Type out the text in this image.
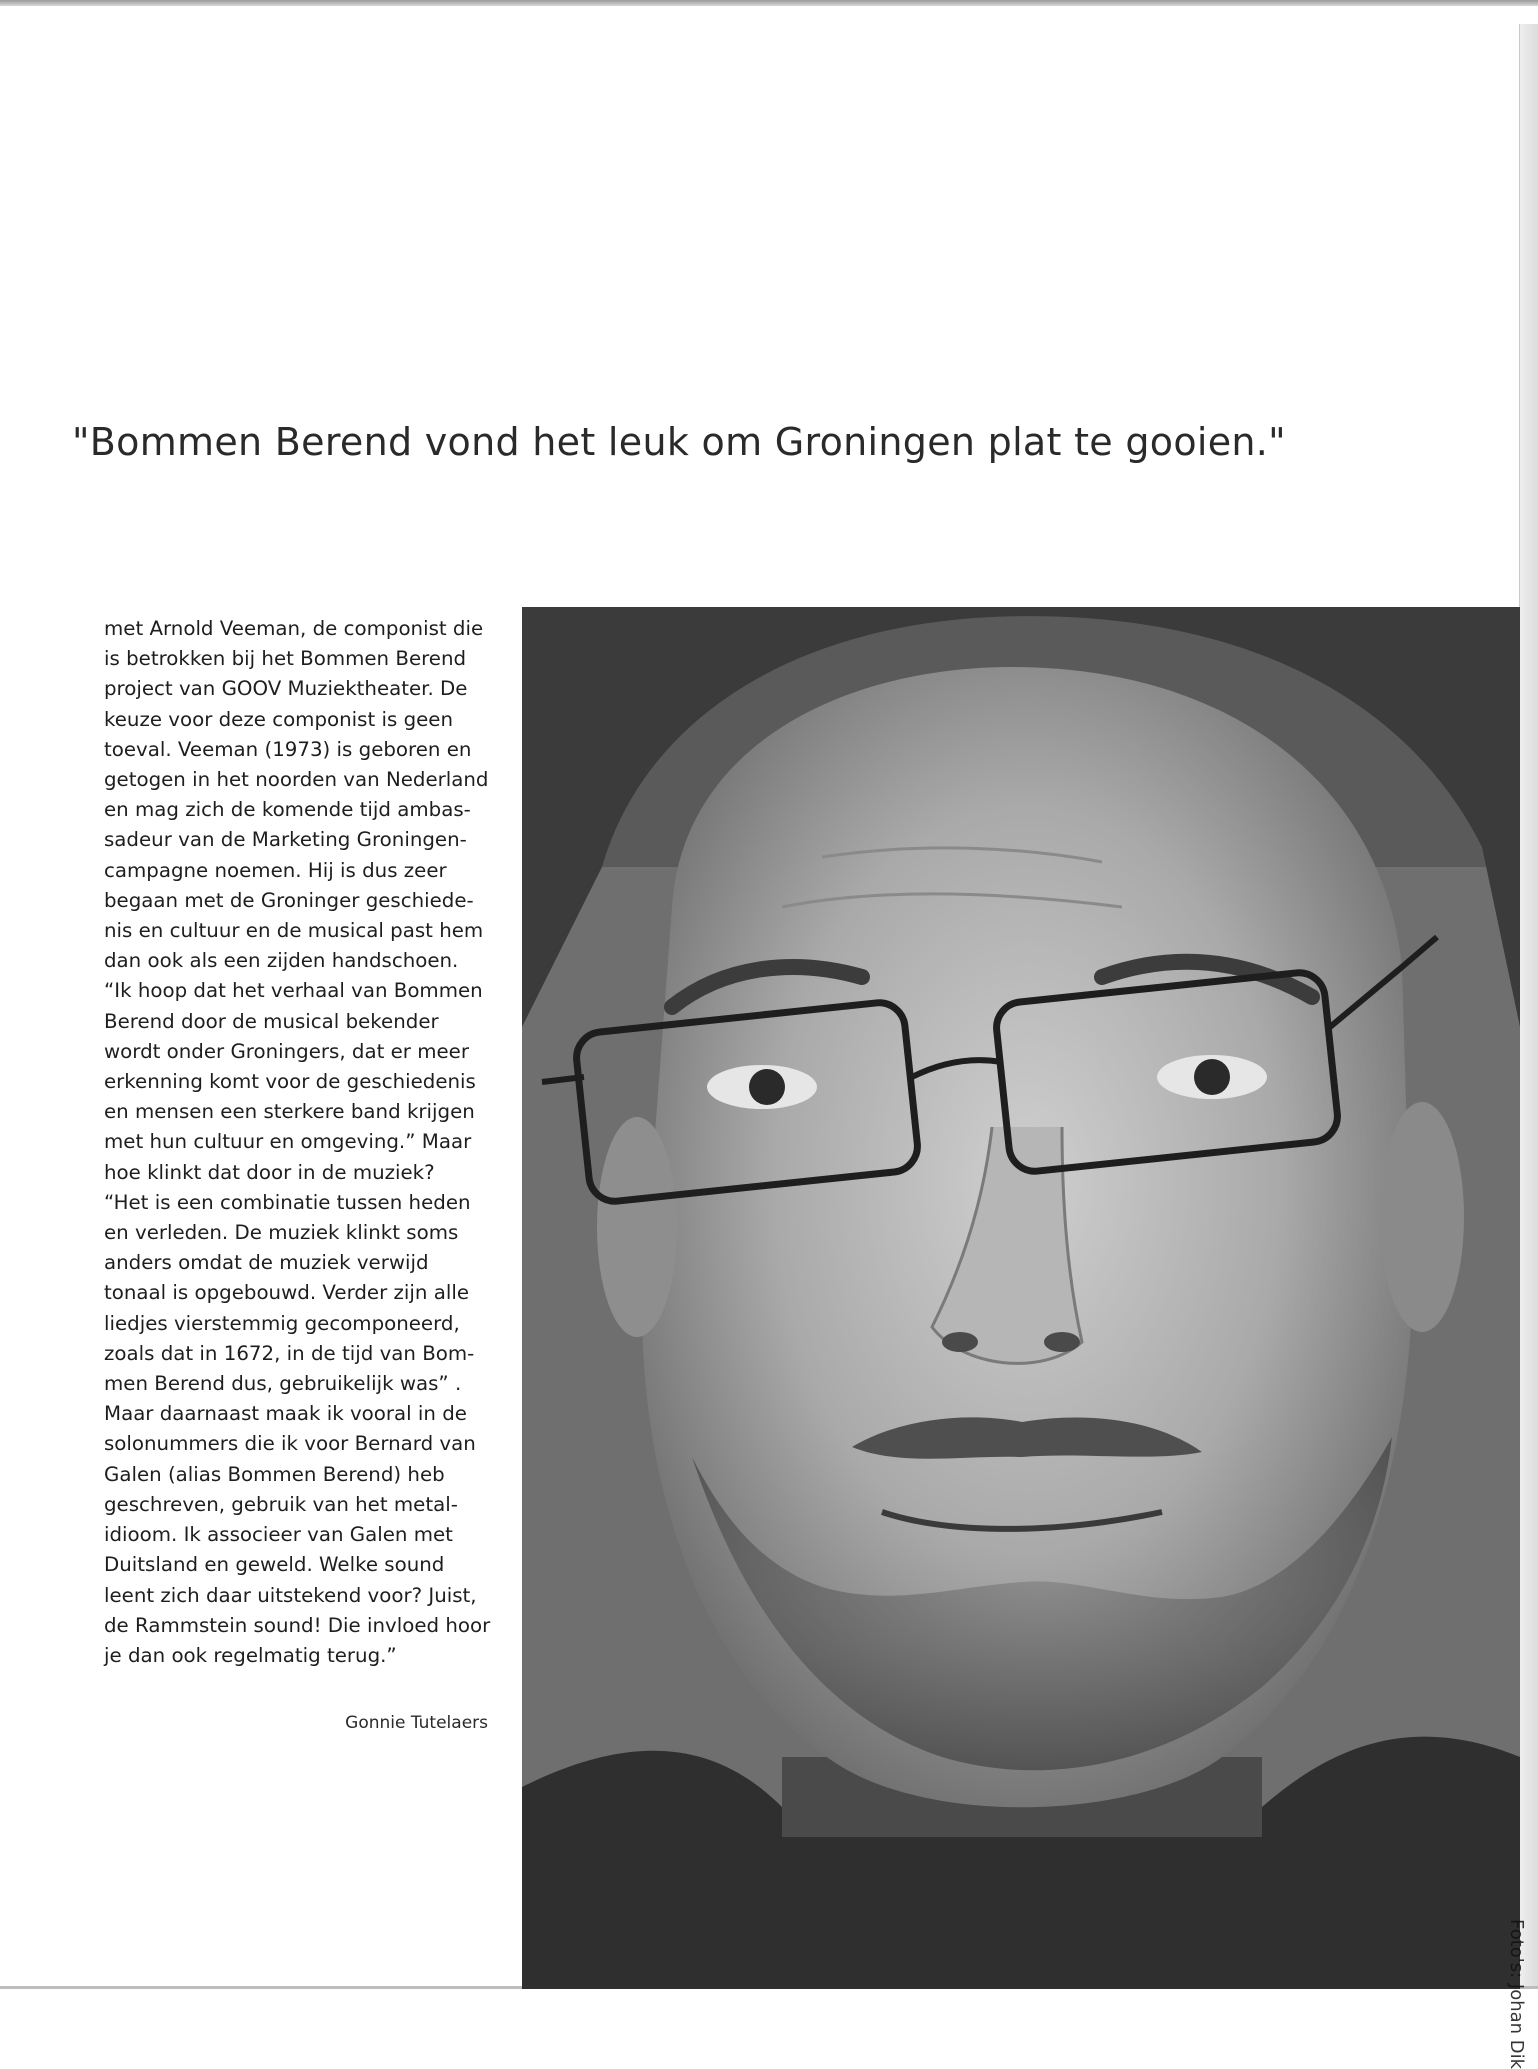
"Bommen Berend vond het leuk om Groningen plat te gooien."
met Arnold Veeman, de componist die
is betrokken bij het Bommen Berend
project van GOOV Muziektheater. De
keuze voor deze componist is geen
toeval. Veeman (1973) is geboren en
getogen in het noorden van Nederland
en mag zich de komende tijd ambas-
sadeur van de Marketing Groningen-
campagne noemen. Hij is dus zeer
begaan met de Groninger geschiede-
nis en cultuur en de musical past hem
dan ook als een zijden handschoen.
“Ik hoop dat het verhaal van Bommen
Berend door de musical bekender
wordt onder Groningers, dat er meer
erkenning komt voor de geschiedenis
en mensen een sterkere band krijgen
met hun cultuur en omgeving.” Maar
hoe klinkt dat door in de muziek?
“Het is een combinatie tussen heden
en verleden. De muziek klinkt soms
anders omdat de muziek verwijd
tonaal is opgebouwd. Verder zijn alle
liedjes vierstemmig gecomponeerd,
zoals dat in 1672, in de tijd van Bom-
men Berend dus, gebruikelijk was” .
Maar daarnaast maak ik vooral in de
solonummers die ik voor Bernard van
Galen (alias Bommen Berend) heb
geschreven, gebruik van het metal-
idioom. Ik associeer van Galen met
Duitsland en geweld. Welke sound
leent zich daar uitstekend voor? Juist,
de Rammstein sound! Die invloed hoor
je dan ook regelmatig terug.”
Gonnie Tutelaers
Foto's: Johan Dik
